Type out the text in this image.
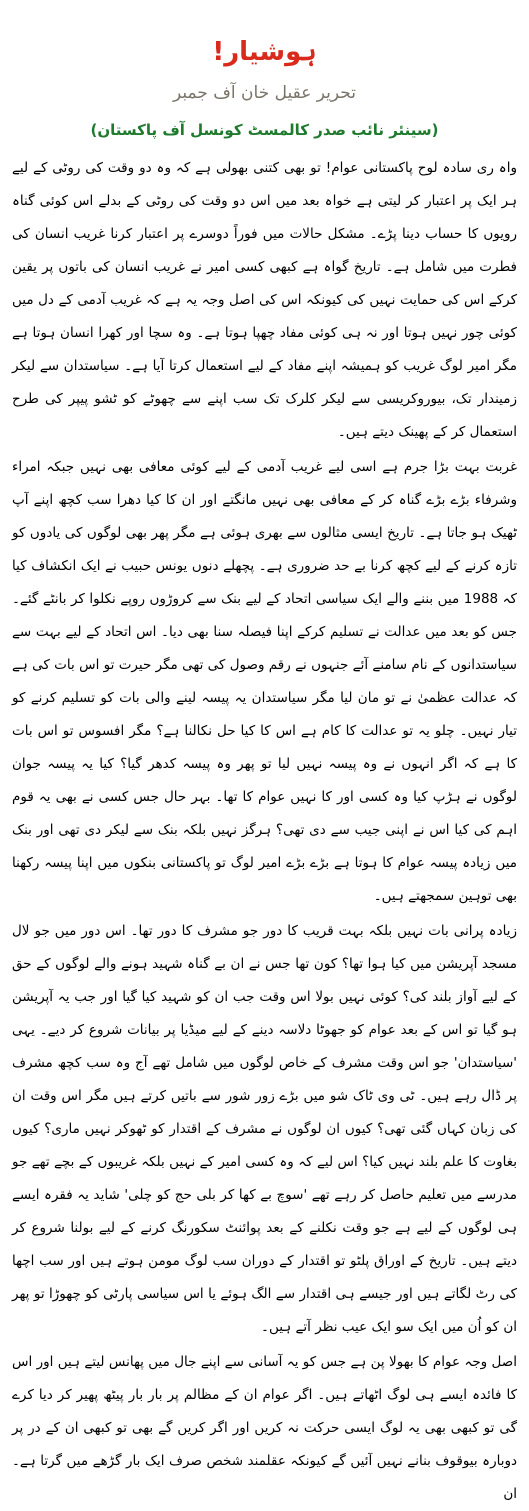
ہوشیار!
تحریر عقیل خان آف جمبر
(سینئر نائب صدر کالمسٹ کونسل آف پاکستان)

واہ ری سادہ لوح پاکستانی عوام! تو بھی کتنی بھولی ہے کہ وہ دو وقت کی روٹی کے لیے ہر ایک پر اعتبار کر لیتی ہے خواہ بعد میں اس دو وقت کی روٹی کے بدلے اس کوئی گناہ رویوں کا حساب دینا پڑے۔ مشکل حالات میں فوراً دوسرے پر اعتبار کرنا غریب انسان کی فطرت میں شامل ہے۔ تاریخ گواہ ہے کبھی کسی امیر نے غریب انسان کی باتوں پر یقین کرکے اس کی حمایت نہیں کی کیونکہ اس کی اصل وجہ یہ ہے کہ غریب آدمی کے دل میں کوئی چور نہیں ہوتا اور نہ ہی کوئی مفاد چھپا ہوتا ہے۔ وہ سچا اور کھرا انسان ہوتا ہے مگر امیر لوگ غریب کو ہمیشہ اپنے مفاد کے لیے استعمال کرتا آیا ہے۔ سیاستدان سے لیکر زمیندار تک، بیوروکریسی سے لیکر کلرک تک سب اپنے سے چھوٹے کو ٹشو پیپر کی طرح استعمال کر کے پھینک دیتے ہیں۔

غربت بہت بڑا جرم ہے اسی لیے غریب آدمی کے لیے کوئی معافی بھی نہیں جبکہ امراء وشرفاء بڑے بڑے گناہ کر کے معافی بھی نہیں مانگتے اور ان کا کیا دھرا سب کچھ اپنے آپ ٹھیک ہو جاتا ہے۔ تاریخ ایسی مثالوں سے بھری ہوئی ہے مگر پھر بھی لوگوں کی یادوں کو تازہ کرنے کے لیے کچھ کرنا بے حد ضروری ہے۔ پچھلے دنوں یونس حبیب نے ایک انکشاف کیا کہ 1988 میں بننے والے ایک سیاسی اتحاد کے لیے بنک سے کروڑوں روپے نکلوا کر بانٹے گئے۔ جس کو بعد میں عدالت نے تسلیم کرکے اپنا فیصلہ سنا بھی دیا۔ اس اتحاد کے لیے بہت سے سیاستدانوں کے نام سامنے آئے جنہوں نے رقم وصول کی تھی مگر حیرت تو اس بات کی ہے کہ عدالت عظمیٰ نے تو مان لیا مگر سیاستدان یہ پیسہ لینے والی بات کو تسلیم کرنے کو تیار نہیں۔ چلو یہ تو عدالت کا کام ہے اس کا کیا حل نکالنا ہے؟ مگر افسوس تو اس بات کا ہے کہ اگر انہوں نے وہ پیسہ نہیں لیا تو پھر وہ پیسہ کدھر گیا؟ کیا یہ پیسہ جوان لوگوں نے ہڑپ کیا وہ کسی اور کا نہیں عوام کا تھا۔ بہر حال جس کسی نے بھی یہ قوم اہم کی کیا اس نے اپنی جیب سے دی تھی؟ ہرگز نہیں بلکہ بنک سے لیکر دی تھی اور بنک میں زیادہ پیسہ عوام کا ہوتا ہے بڑے بڑے امیر لوگ تو پاکستانی بنکوں میں اپنا پیسہ رکھنا بھی توہین سمجھتے ہیں۔

زیادہ پرانی بات نہیں بلکہ بہت قریب کا دور جو مشرف کا دور تھا۔ اس دور میں جو لال مسجد آپریشن میں کیا ہوا تھا؟ کون تھا جس نے ان بے گناہ شہید ہونے والے لوگوں کے حق کے لیے آواز بلند کی؟ کوئی نہیں بولا اس وقت جب ان کو شہید کیا گیا اور جب یہ آپریشن ہو گیا تو اس کے بعد عوام کو جھوٹا دلاسہ دینے کے لیے میڈیا پر بیانات شروع کر دیے۔ یہی 'سیاستدان' جو اس وقت مشرف کے خاص لوگوں میں شامل تھے آج وہ سب کچھ مشرف پر ڈال رہے ہیں۔ ٹی وی ٹاک شو میں بڑے زور شور سے باتیں کرتے ہیں مگر اس وقت ان کی زبان کہاں گئی تھی؟ کیوں ان لوگوں نے مشرف کے اقتدار کو ٹھوکر نہیں ماری؟ کیوں بغاوت کا علم بلند نہیں کیا؟ اس لیے کہ وہ کسی امیر کے نہیں بلکہ غریبوں کے بچے تھے جو مدرسے میں تعلیم حاصل کر رہے تھے 'سوچ بے کھا کر بلی حج کو چلی' شاید یہ فقرہ ایسے ہی لوگوں کے لیے ہے جو وقت نکلنے کے بعد پوائنٹ سکورنگ کرنے کے لیے بولنا شروع کر دیتے ہیں۔ تاریخ کے اوراق پلٹو تو اقتدار کے دوران سب لوگ مومن ہوتے ہیں اور سب اچھا کی رٹ لگاتے ہیں اور جیسے ہی اقتدار سے الگ ہوئے یا اس سیاسی پارٹی کو چھوڑا تو پھر ان کو اُن میں ایک سو ایک عیب نظر آتے ہیں۔

اصل وجہ عوام کا بھولا پن ہے جس کو یہ آسانی سے اپنے جال میں پھانس لیتے ہیں اور اس کا فائدہ ایسے ہی لوگ اٹھاتے ہیں۔ اگر عوام ان کے مظالم پر بار بار پیٹھ پھیر کر دیا کرے گی تو کبھی بھی یہ لوگ ایسی حرکت نہ کریں اور اگر کریں گے بھی تو کبھی ان کے در پر دوبارہ بیوقوف بنانے نہیں آئیں گے کیونکہ عقلمند شخص صرف ایک بار گڑھے میں گرتا ہے۔ ان
